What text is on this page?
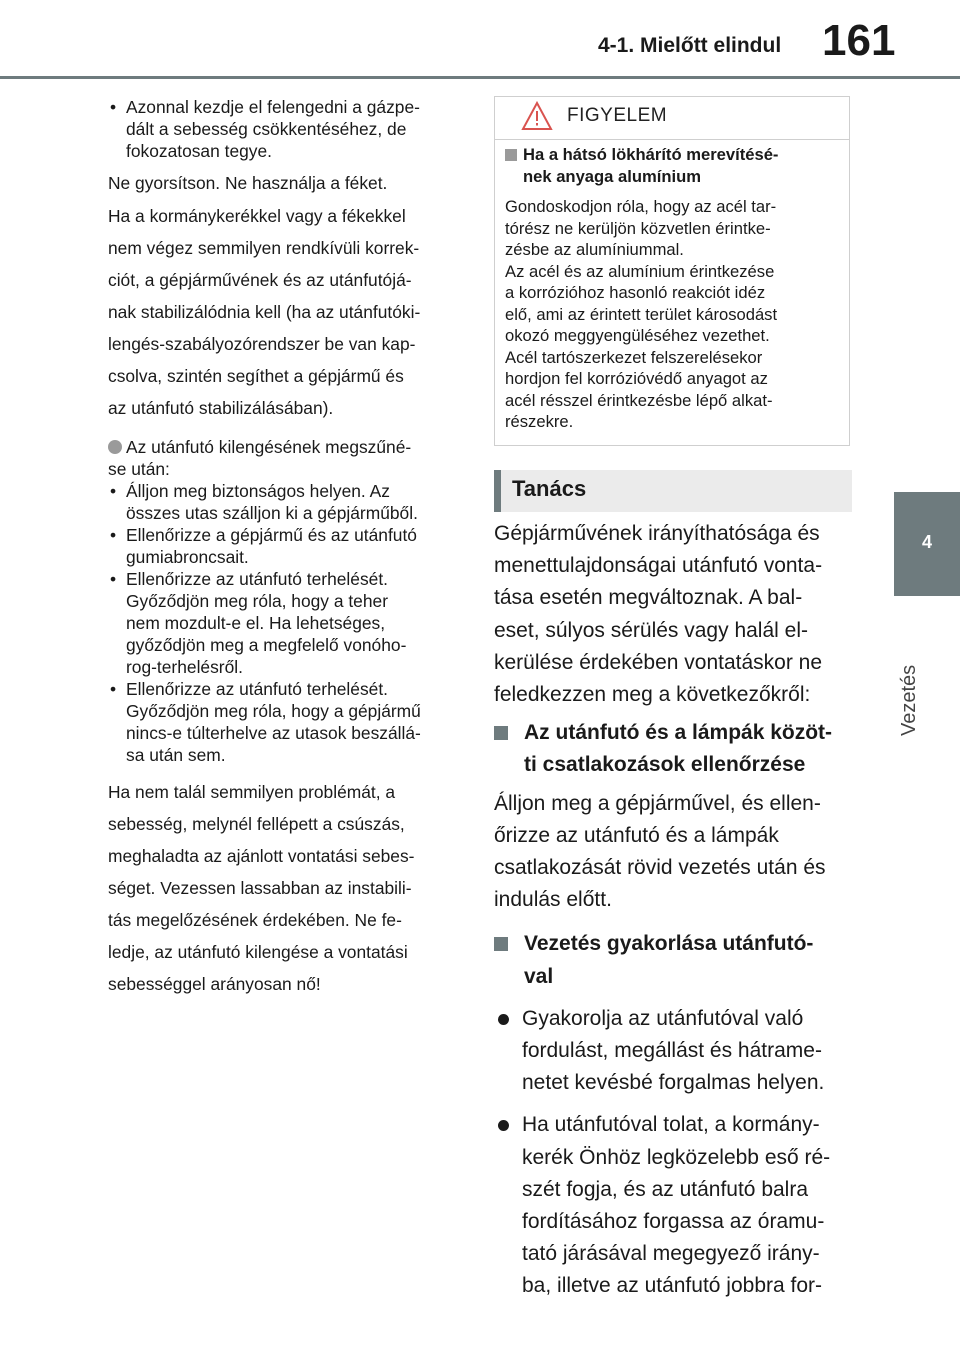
4-1. Mielőtt elindul 161
4
Vezetés
• Azonnal kezdje el felengedni a gázpe-

dált a sebesség csökkentéséhez, de

fokozatosan tegye.

Ne gyorsítson. Ne használja a féket.

Ha a kormánykerékkel vagy a fékekkel

nem végez semmilyen rendkívüli korrek-

ciót, a gépjárművének és az utánfutójá-

nak stabilizálódnia kell (ha az utánfutóki-

lengés-szabályozórendszer be van kap-

csolva, szintén segíthet a gépjármű és

az utánfutó stabilizálásában).

Az utánfutó kilengésének megszűné-

se után:

• Álljon meg biztonságos helyen. Az

összes utas szálljon ki a gépjárműből.

• Ellenőrizze a gépjármű és az utánfutó

gumiabroncsait.

• Ellenőrizze az utánfutó terhelését.

Győződjön meg róla, hogy a teher

nem mozdult-e el. Ha lehetséges,

győződjön meg a megfelelő vonóho-

rog-terhelésről.

• Ellenőrizze az utánfutó terhelését.

Győződjön meg róla, hogy a gépjármű

nincs-e túlterhelve az utasok beszállá-

sa után sem.

Ha nem talál semmilyen problémát, a

sebesség, melynél fellépett a csúszás,

meghaladta az ajánlott vontatási sebes-

séget. Vezessen lassabban az instabili-

tás megelőzésének érdekében. Ne fe-

ledje, az utánfutó kilengése a vontatási

sebességgel arányosan nő!

FIGYELEM

Ha a hátsó lökhárító merevítésé-

nek anyaga alumínium

Gondoskodjon róla, hogy az acél tar-

tórész ne kerüljön közvetlen érintke-

zésbe az alumíniummal.

Az acél és az alumínium érintkezése

a korrózióhoz hasonló reakciót idéz

elő, ami az érintett terület károsodást

okozó meggyengüléséhez vezethet.

Acél tartószerkezet felszerelésekor

hordjon fel korrózióvédő anyagot az

acél résszel érintkezésbe lépő alkat-

részekre.

Tanács

Gépjárművének irányíthatósága és

menettulajdonságai utánfutó vonta-

tása esetén megváltoznak. A bal-

eset, súlyos sérülés vagy halál el-

kerülése érdekében vontatáskor ne

feledkezzen meg a következőkről:

Az utánfutó és a lámpák közöt-

ti csatlakozások ellenőrzése

Álljon meg a gépjárművel, és ellen-

őrizze az utánfutó és a lámpák

csatlakozását rövid vezetés után és

indulás előtt.

Vezetés gyakorlása utánfutó-

val

Gyakorolja az utánfutóval való

fordulást, megállást és hátrame-

netet kevésbé forgalmas helyen.

Ha utánfutóval tolat, a kormány-

kerék Önhöz legközelebb eső ré-

szét fogja, és az utánfutó balra

fordításához forgassa az óramu-

tató járásával megegyező irány-

ba, illetve az utánfutó jobbra for-
